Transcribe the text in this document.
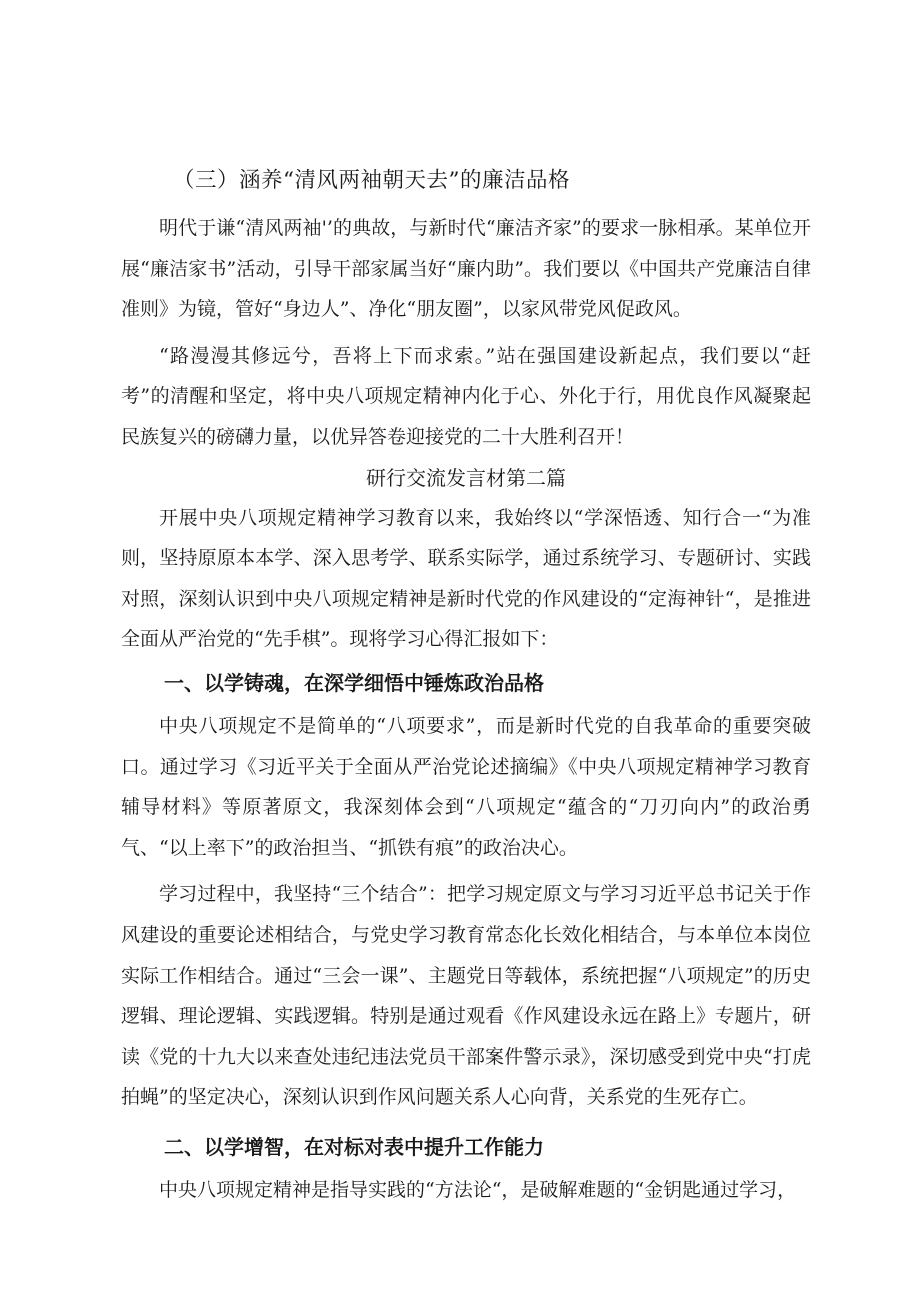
（三）涵养“清风两袖朝天去”的廉洁品格

明代于谦“清风两袖'’的典故，与新时代“廉洁齐家”的要求一脉相承。某单位开展“廉洁家书”活动，引导干部家属当好“廉内助”。我们要以《中国共产党廉洁自律准则》为镜，管好“身边人”、净化“朋友圈”，以家风带党风促政风。

“路漫漫其修远兮，吾将上下而求索。”站在强国建设新起点，我们要以“赶考”的清醒和坚定，将中央八项规定精神内化于心、外化于行，用优良作风凝聚起民族复兴的磅礴力量，以优异答卷迎接党的二十大胜利召开！

研行交流发言材第二篇

开展中央八项规定精神学习教育以来，我始终以“学深悟透、知行合一“为准则，坚持原原本本学、深入思考学、联系实际学，通过系统学习、专题研讨、实践对照，深刻认识到中央八项规定精神是新时代党的作风建设的“定海神针“，是推进全面从严治党的“先手棋”。现将学习心得汇报如下：

一、以学铸魂，在深学细悟中锤炼政治品格

中央八项规定不是简单的“八项要求”，而是新时代党的自我革命的重要突破口。通过学习《习近平关于全面从严治党论述摘编》《中央八项规定精神学习教育辅导材料》等原著原文，我深刻体会到“八项规定“蕴含的“刀刃向内”的政治勇气、“以上率下”的政治担当、“抓铁有痕”的政治决心。

学习过程中，我坚持“三个结合”：把学习规定原文与学习习近平总书记关于作风建设的重要论述相结合，与党史学习教育常态化长效化相结合，与本单位本岗位实际工作相结合。通过“三会一课”、主题党日等载体，系统把握“八项规定”的历史逻辑、理论逻辑、实践逻辑。特别是通过观看《作风建设永远在路上》专题片，研读《党的十九大以来查处违纪违法党员干部案件警示录》，深切感受到党中央“打虎拍蝇”的坚定决心，深刻认识到作风问题关系人心向背，关系党的生死存亡。

二、以学增智，在对标对表中提升工作能力

中央八项规定精神是指导实践的“方法论“，是破解难题的“金钥匙通过学习，
